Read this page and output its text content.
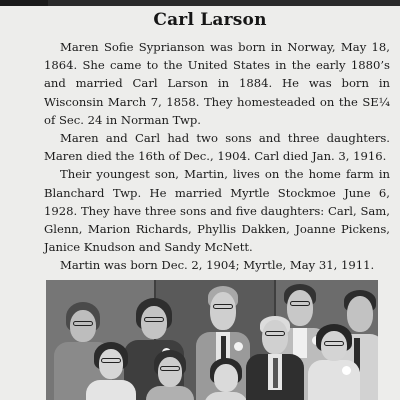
Carl Larson

Maren Sofie Syprianson was born in Norway, May 18, 1864. She came to the United States in the early 1880’s and married Carl Larson in 1884. He was born in Wisconsin March 7, 1858. They homesteaded on the SE¼ of Sec. 24 in Norman Twp.

Maren and Carl had two sons and three daughters. Maren died the 16th of Dec., 1904. Carl died Jan. 3, 1916.

Their youngest son, Martin, lives on the home farm in Blanchard Twp. He married Myrtle Stockmoe June 6, 1928. They have three sons and five daughters: Carl, Sam, Glenn, Marion Richards, Phyllis Dakken, Joanne Pickens, Janice Knudson and Sandy McNett.

Martin was born Dec. 2, 1904; Myrtle, May 31, 1911.
